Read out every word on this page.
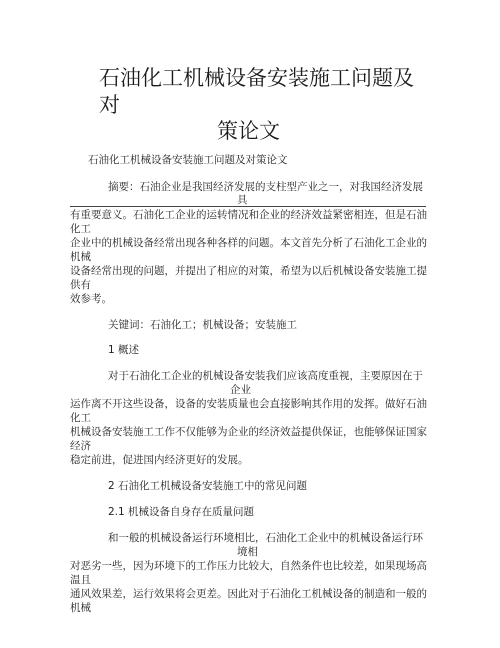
石油化工机械设备安装施工问题及
对
策论文
石油化工机械设备安装施工问题及对策论文
摘要：石油企业是我国经济发展的支柱型产业之一，对我国经济发展
具
有重要意义。石油化工企业的运转情况和企业的经济效益紧密相连，但是石油
化工
企业中的机械设备经常出现各种各样的问题。本文首先分析了石油化工企业的
机械
设备经常出现的问题，并提出了相应的对策，希望为以后机械设备安装施工提
供有
效参考。
关键词：石油化工；机械设备；安装施工
1 概述
对于石油化工企业的机械设备安装我们应该高度重视，主要原因在于
企业
运作离不开这些设备，设备的安装质量也会直接影响其作用的发挥。做好石油
化工
机械设备安装施工工作不仅能够为企业的经济效益提供保证，也能够保证国家
经济
稳定前进，促进国内经济更好的发展。
2 石油化工机械设备安装施工中的常见问题
2.1 机械设备自身存在质量问题
和一般的机械设备运行环境相比，石油化工企业中的机械设备运行环
境相
对恶劣一些，因为环境下的工作压力比较大，自然条件也比较差，如果现场高
温且
通风效果差，运行效果将会更差。因此对于石油化工机械设备的制造和一般的
机械
